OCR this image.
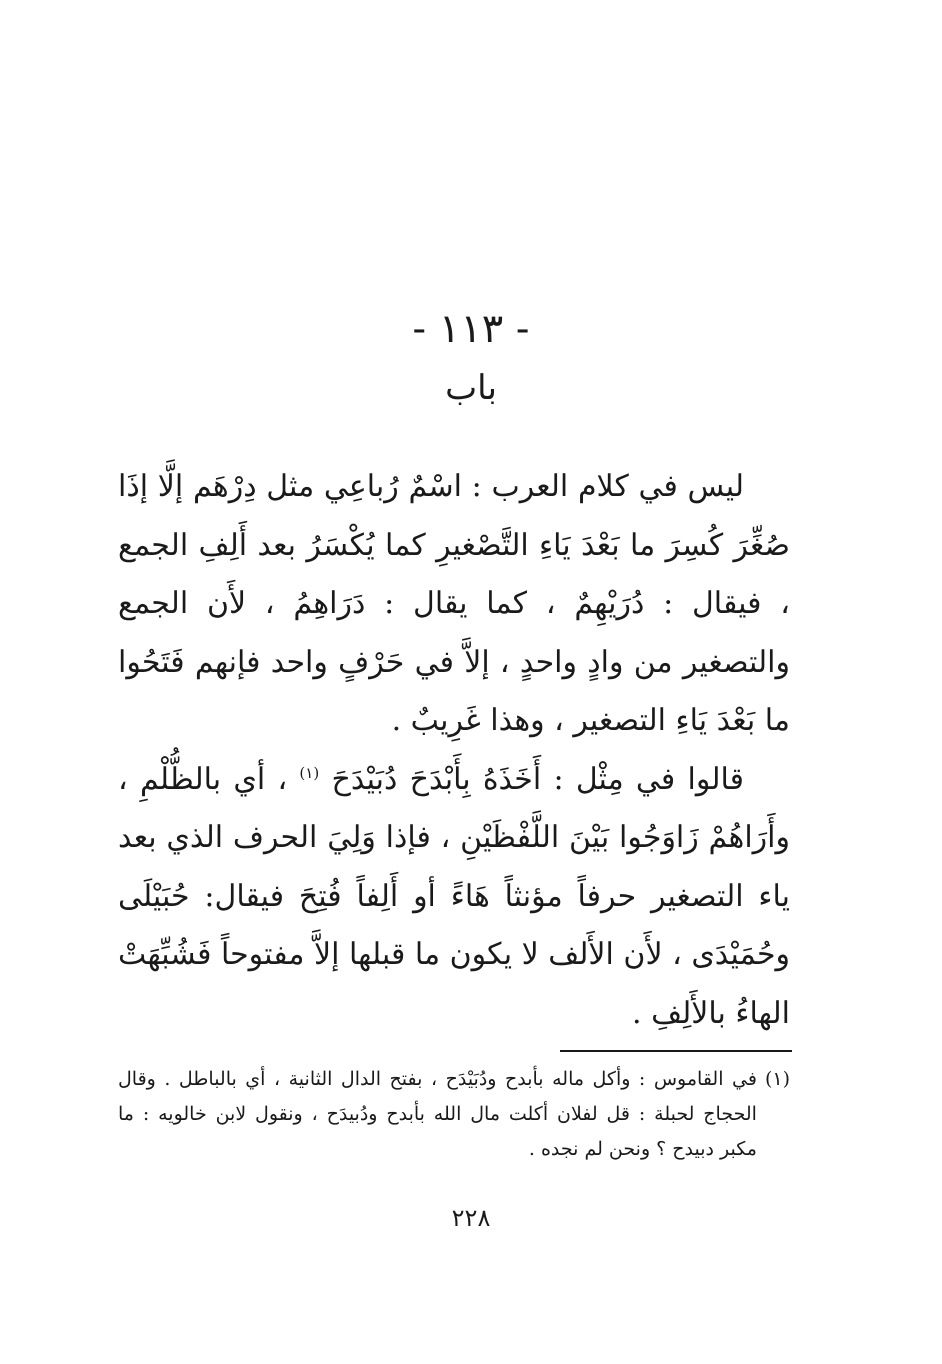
- ١١٣ -
باب

ليس في كلام العرب : اسْمٌ رُباعِي مثل دِرْهَم إلَّا إذَا صُغِّرَ كُسِرَ ما بَعْدَ يَاءِ التَّصْغيرِ كما يُكْسَرُ بعد أَلِفِ الجمع ، فيقال : دُرَيْهِمٌ ، كما يقال : دَرَاهِمُ ، لأَن الجمع والتصغير من وادٍ واحدٍ ، إلاَّ في حَرْفٍ واحد فإنهم فَتَحُوا ما بَعْدَ يَاءِ التصغير ، وهذا غَرِيبٌ .

قالوا في مِثْل : أَخَذَهُ بِأَبْدَحَ دُبَيْدَحَ $^{(١)}$ ، أي بالظُّلْمِ ، وأَرَاهُمْ زَاوَجُوا بَيْنَ اللَّفْظَيْنِ ، فإذا وَلِيَ الحرف الذي بعد ياء التصغير حرفاً مؤنثاً هَاءً أو أَلِفاً فُتِحَ فيقال: حُبَيْلَى وحُمَيْدَى ، لأَن الأَلف لا يكون ما قبلها إلاَّ مفتوحاً فَشُبِّهَتْ الهاءُ بالأَلِفِ .

(١)
في القاموس : وأكل ماله بأبدح ودُبَيْدَح ، بفتح الدال الثانية ، أي بالباطل . وقال الحجاج لحبلة : قل لفلان أكلت مال الله بأبدح ودُبيدَح ، ونقول لابن خالويه : ما مكبر دبيدح ؟ ونحن لم نجده .
٢٢٨
